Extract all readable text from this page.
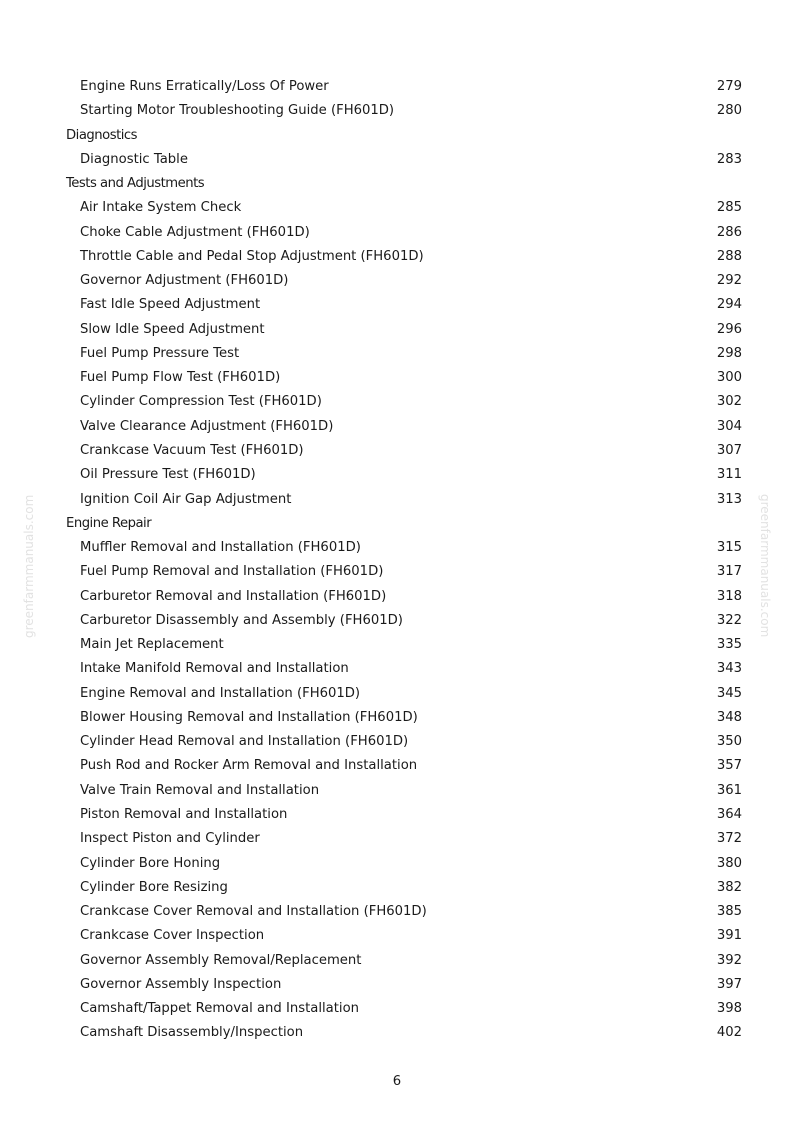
greenfarmmanuals.com	greenfarmmanuals.com
Engine Runs Erratically/Loss Of Power	279
Starting Motor Troubleshooting Guide (FH601D)	280
Diagnostics
Diagnostic Table	283
Tests and Adjustments
Air Intake System Check	285
Choke Cable Adjustment (FH601D)	286
Throttle Cable and Pedal Stop Adjustment (FH601D)	288
Governor Adjustment (FH601D)	292
Fast Idle Speed Adjustment	294
Slow Idle Speed Adjustment	296
Fuel Pump Pressure Test	298
Fuel Pump Flow Test (FH601D)	300
Cylinder Compression Test (FH601D)	302
Valve Clearance Adjustment (FH601D)	304
Crankcase Vacuum Test (FH601D)	307
Oil Pressure Test (FH601D)	311
Ignition Coil Air Gap Adjustment	313
Engine Repair
Muffler Removal and Installation (FH601D)	315
Fuel Pump Removal and Installation (FH601D)	317
Carburetor Removal and Installation (FH601D)	318
Carburetor Disassembly and Assembly (FH601D)	322
Main Jet Replacement	335
Intake Manifold Removal and Installation	343
Engine Removal and Installation (FH601D)	345
Blower Housing Removal and Installation (FH601D)	348
Cylinder Head Removal and Installation (FH601D)	350
Push Rod and Rocker Arm Removal and Installation	357
Valve Train Removal and Installation	361
Piston Removal and Installation	364
Inspect Piston and Cylinder	372
Cylinder Bore Honing	380
Cylinder Bore Resizing	382
Crankcase Cover Removal and Installation (FH601D)	385
Crankcase Cover Inspection	391
Governor Assembly Removal/Replacement	392
Governor Assembly Inspection	397
Camshaft/Tappet Removal and Installation	398
Camshaft Disassembly/Inspection	402
6
